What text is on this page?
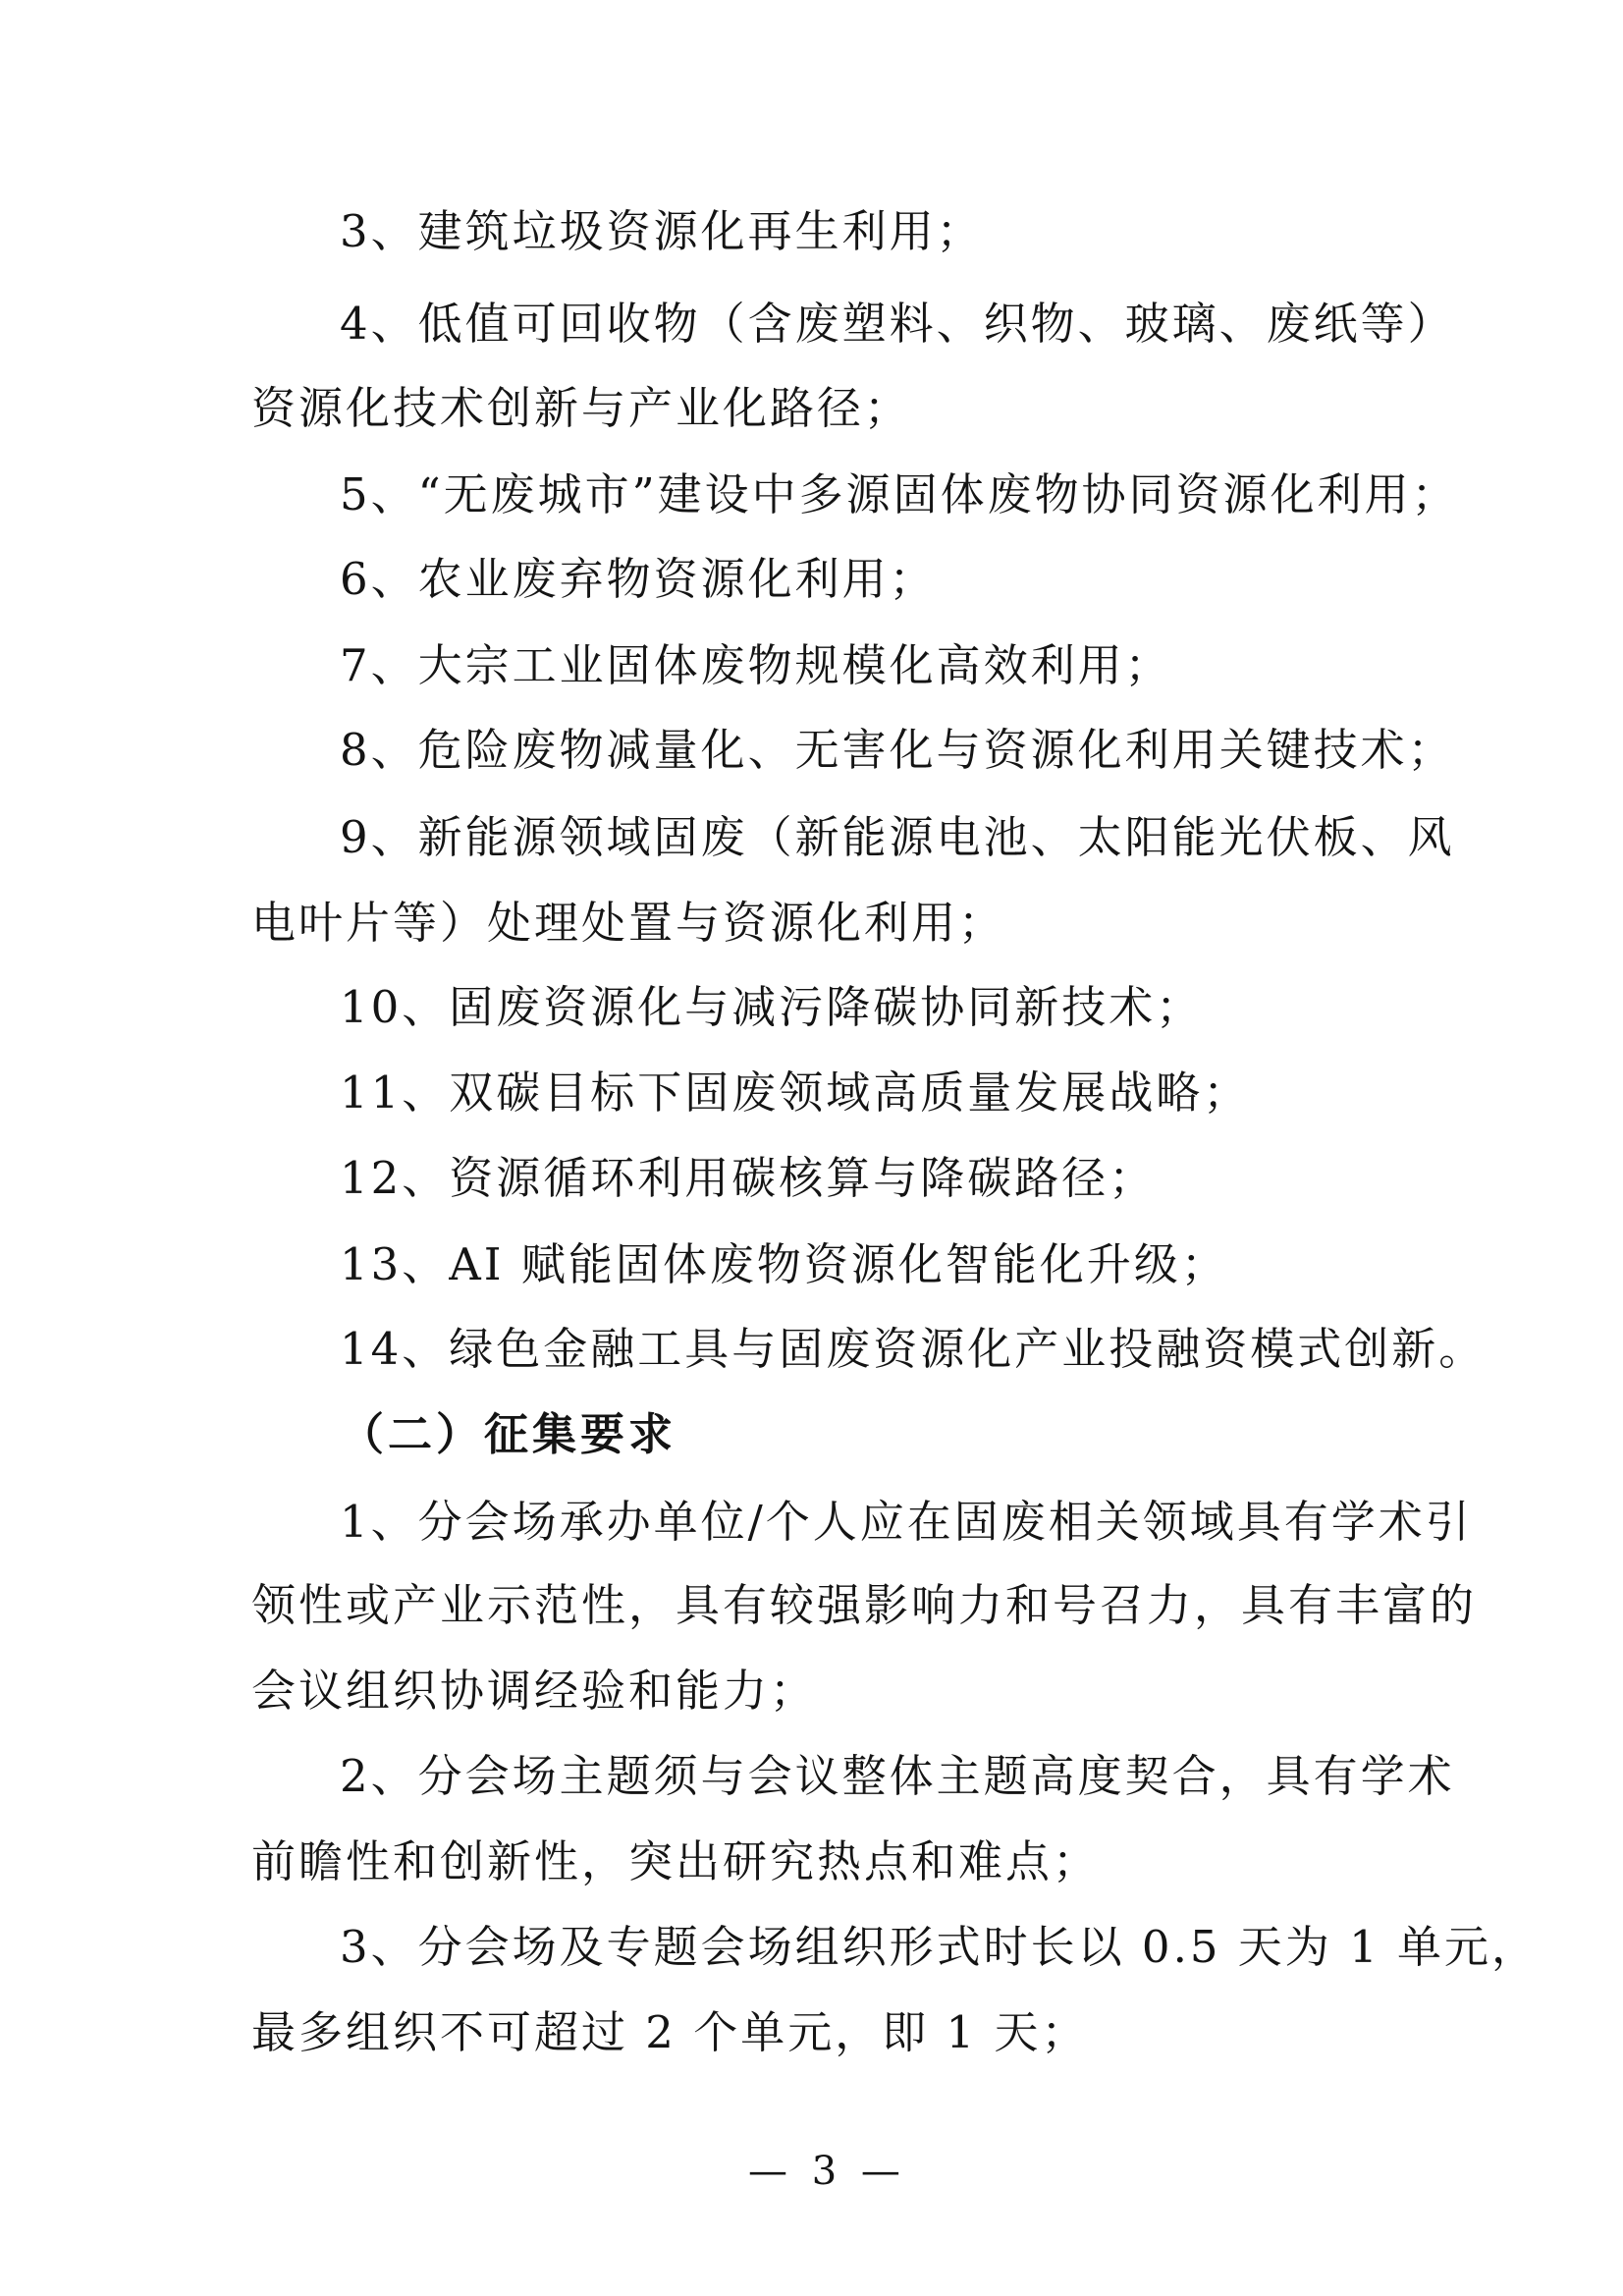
3、建筑垃圾资源化再生利用；
4、低值可回收物（含废塑料、织物、玻璃、废纸等）
资源化技术创新与产业化路径；
5、“无废城市”建设中多源固体废物协同资源化利用；
6、农业废弃物资源化利用；
7、大宗工业固体废物规模化高效利用；
8、危险废物减量化、无害化与资源化利用关键技术；
9、新能源领域固废（新能源电池、太阳能光伏板、风
电叶片等）处理处置与资源化利用；
10、固废资源化与减污降碳协同新技术；
11、双碳目标下固废领域高质量发展战略；
12、资源循环利用碳核算与降碳路径；
13、AI 赋能固体废物资源化智能化升级；
14、绿色金融工具与固废资源化产业投融资模式创新。
（二）征集要求
1、分会场承办单位/个人应在固废相关领域具有学术引
领性或产业示范性，具有较强影响力和号召力，具有丰富的
会议组织协调经验和能力；
2、分会场主题须与会议整体主题高度契合，具有学术
前瞻性和创新性，突出研究热点和难点；
3、分会场及专题会场组织形式时长以 0.5 天为 1 单元，
最多组织不可超过 2 个单元，即 1 天；
— 3 —
